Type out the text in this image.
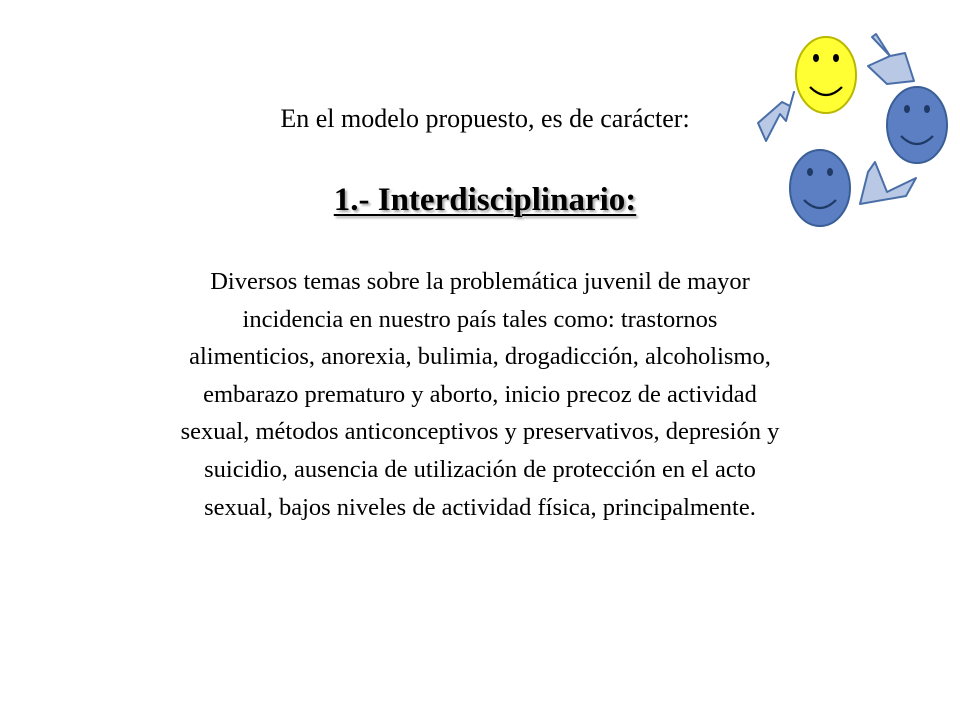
En el modelo propuesto, es de carácter:
1.- Interdisciplinario:
Diversos temas sobre la problemática juvenil de mayor
incidencia en nuestro país tales como: trastornos
alimenticios, anorexia, bulimia, drogadicción, alcoholismo,
embarazo prematuro y aborto, inicio precoz de actividad
sexual, métodos anticonceptivos y preservativos, depresión y
suicidio, ausencia de utilización de protección en el acto
sexual, bajos niveles de actividad física, principalmente.
